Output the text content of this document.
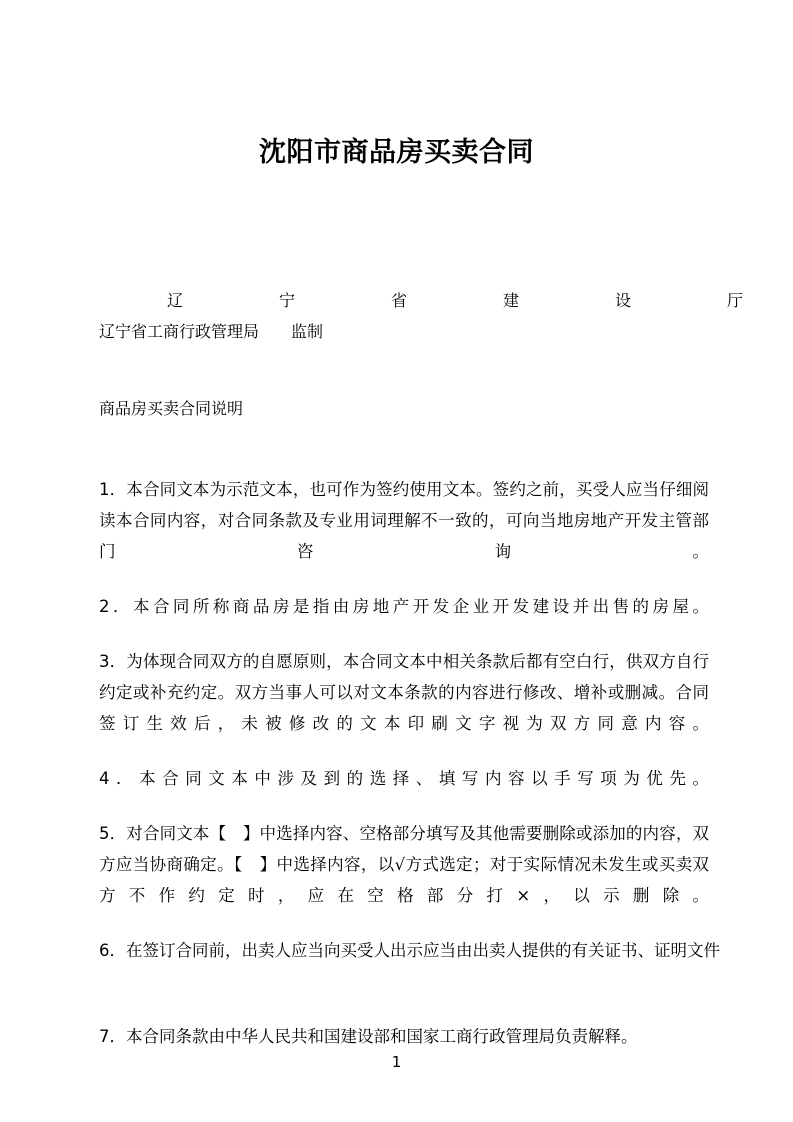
沈阳市商品房买卖合同
辽宁省建设厅
辽宁省工商行政管理局　　监制
商品房买卖合同说明

1．本合同文本为示范文本，也可作为签约使用文本。签约之前，买受人应当仔细阅读本合同内容，对合同条款及专业用词理解不一致的，可向当地房地产开发主管部门咨询。

2．本合同所称商品房是指由房地产开发企业开发建设并出售的房屋。

3．为体现合同双方的自愿原则，本合同文本中相关条款后都有空白行，供双方自行约定或补充约定。双方当事人可以对文本条款的内容进行修改、增补或删减。合同签订生效后，未被修改的文本印刷文字视为双方同意内容。

4．本合同文本中涉及到的选择、填写内容以手写项为优先。

5．对合同文本【　】中选择内容、空格部分填写及其他需要删除或添加的内容，双方应当协商确定。【　】中选择内容，以√方式选定；对于实际情况未发生或买卖双方不作约定时，应在空格部分打×，以示删除。

6．在签订合同前，出卖人应当向买受人出示应当由出卖人提供的有关证书、证明文件

7．本合同条款由中华人民共和国建设部和国家工商行政管理局负责解释。

1
